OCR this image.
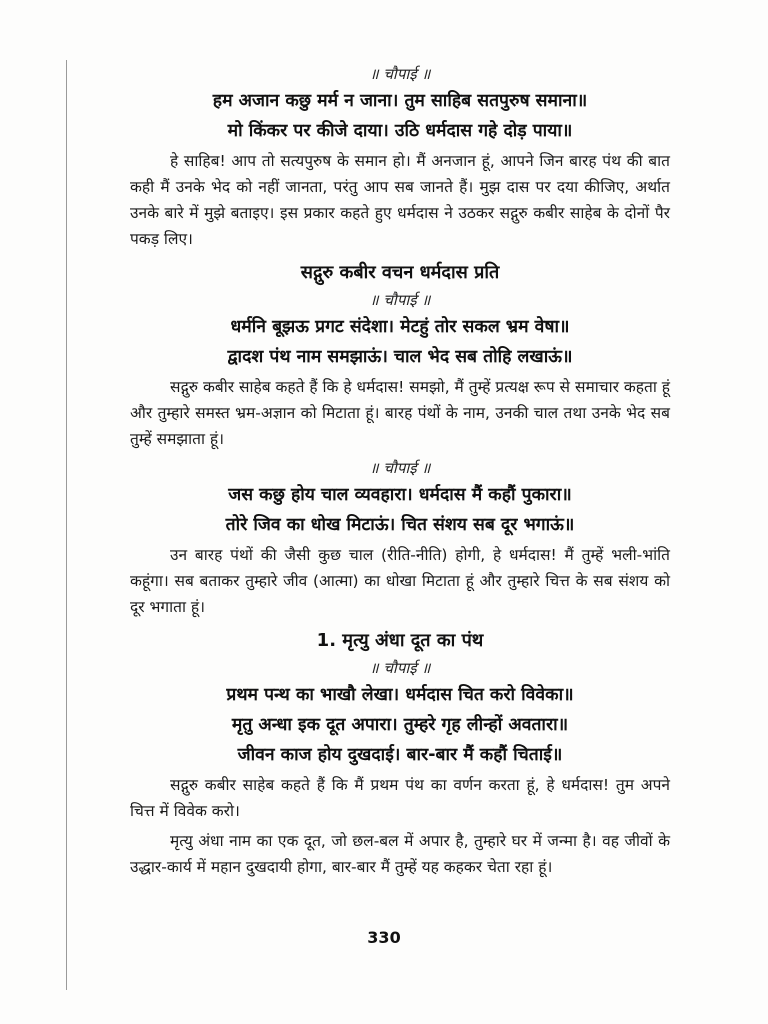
॥ चौपाई ॥

हम अजान कछु मर्म न जाना। तुम साहिब सतपुरुष समाना॥

मो किंकर पर कीजे दाया। उठि धर्मदास गहे दोड़ पाया॥

हे साहिब! आप तो सत्यपुरुष के समान हो। मैं अनजान हूं, आपने जिन बारह पंथ की बात कही मैं उनके भेद को नहीं जानता, परंतु आप सब जानते हैं। मुझ दास पर दया कीजिए, अर्थात उनके बारे में मुझे बताइए। इस प्रकार कहते हुए धर्मदास ने उठकर सद्गुरु कबीर साहेब के दोनों पैर पकड़ लिए।

सद्गुरु कबीर वचन धर्मदास प्रति

॥ चौपाई ॥

धर्मनि बूझऊ प्रगट संदेशा। मेटहुं तोर सकल भ्रम वेषा॥

द्वादश पंथ नाम समझाऊं। चाल भेद सब तोहि लखाऊं॥

सद्गुरु कबीर साहेब कहते हैं कि हे धर्मदास! समझो, मैं तुम्हें प्रत्यक्ष रूप से समाचार कहता हूं और तुम्हारे समस्त भ्रम-अज्ञान को मिटाता हूं। बारह पंथों के नाम, उनकी चाल तथा उनके भेद सब तुम्हें समझाता हूं।

॥ चौपाई ॥

जस कछु होय चाल व्यवहारा। धर्मदास मैं कहौं पुकारा॥

तोरे जिव का धोख मिटाऊं। चित संशय सब दूर भगाऊं॥

उन बारह पंथों की जैसी कुछ चाल (रीति-नीति) होगी, हे धर्मदास! मैं तुम्हें भली-भांति कहूंगा। सब बताकर तुम्हारे जीव (आत्मा) का धोखा मिटाता हूं और तुम्हारे चित्त के सब संशय को दूर भगाता हूं।

1. मृत्यु अंधा दूत का पंथ

॥ चौपाई ॥

प्रथम पन्थ का भाखौ लेखा। धर्मदास चित करो विवेका॥

मृतु अन्धा इक दूत अपारा। तुम्हरे गृह लीन्हों अवतारा॥

जीवन काज होय दुखदाई। बार-बार मैं कहौं चिताई॥

सद्गुरु कबीर साहेब कहते हैं कि मैं प्रथम पंथ का वर्णन करता हूं, हे धर्मदास! तुम अपने चित्त में विवेक करो।

मृत्यु अंधा नाम का एक दूत, जो छल-बल में अपार है, तुम्हारे घर में जन्मा है। वह जीवों के उद्धार-कार्य में महान दुखदायी होगा, बार-बार मैं तुम्हें यह कहकर चेता रहा हूं।

330
